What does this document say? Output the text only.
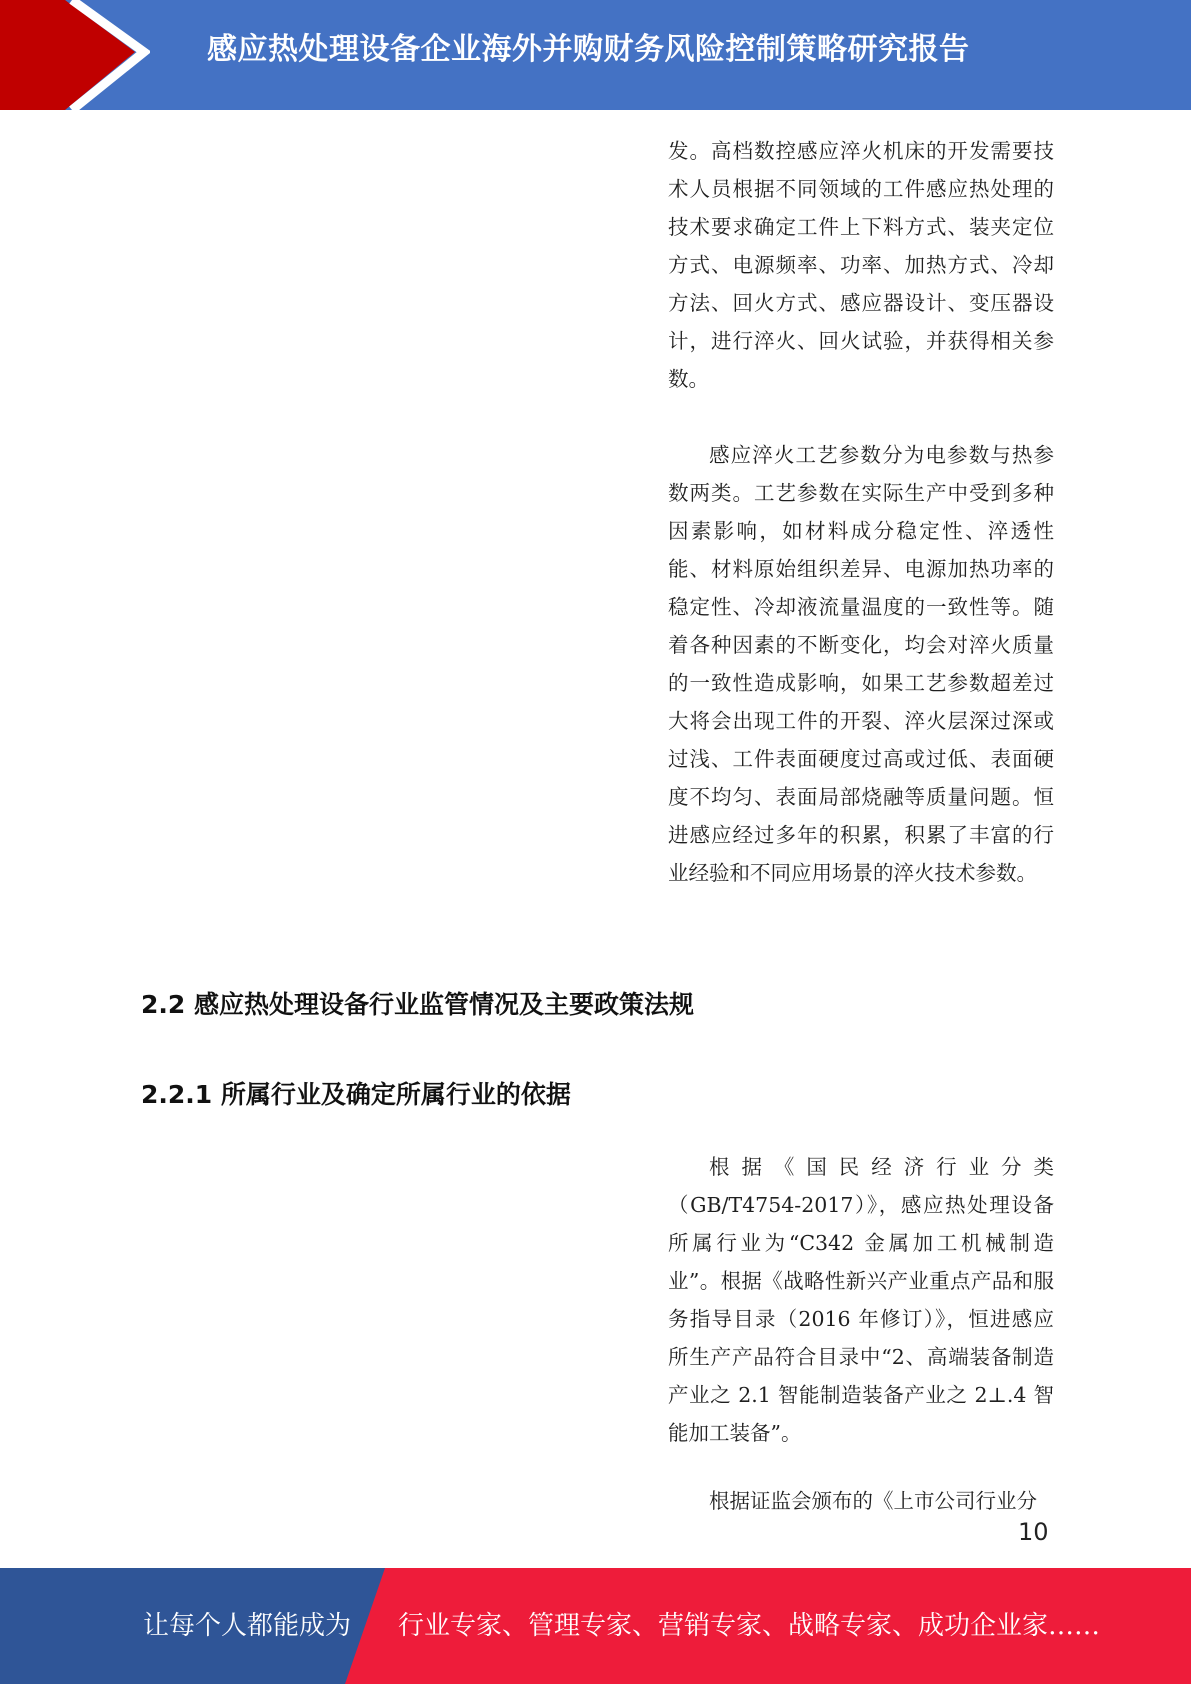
感应热处理设备企业海外并购财务风险控制策略研究报告

发。高档数控感应淬火机床的开发需要技术人员根据不同领域的工件感应热处理的技术要求确定工件上下料方式、装夹定位方式、电源频率、功率、加热方式、冷却方法、回火方式、感应器设计、变压器设计，进行淬火、回火试验，并获得相关参数。

感应淬火工艺参数分为电参数与热参数两类。工艺参数在实际生产中受到多种因素影响，如材料成分稳定性、淬透性能、材料原始组织差异、电源加热功率的稳定性、冷却液流量温度的一致性等。随着各种因素的不断变化，均会对淬火质量的一致性造成影响，如果工艺参数超差过大将会出现工件的开裂、淬火层深过深或过浅、工件表面硬度过高或过低、表面硬度不均匀、表面局部烧融等质量问题。恒进感应经过多年的积累，积累了丰富的行业经验和不同应用场景的淬火技术参数。

2.2 感应热处理设备行业监管情况及主要政策法规
2.2.1 所属行业及确定所属行业的依据

根据《国民经济行业分类（GB/T4754-2017）》，感应热处理设备所属行业为“C342 金属加工机械制造业”。根据《战略性新兴产业重点产品和服务指导目录（2016 年修订）》，恒进感应所生产产品符合目录中“2、高端装备制造产业之 2.1 智能制造装备产业之 2⊥.4 智能加工装备”。

根据证监会颁布的《上市公司行业分

10
让每个人都能成为 行业专家、管理专家、营销专家、战略专家、成功企业家……
